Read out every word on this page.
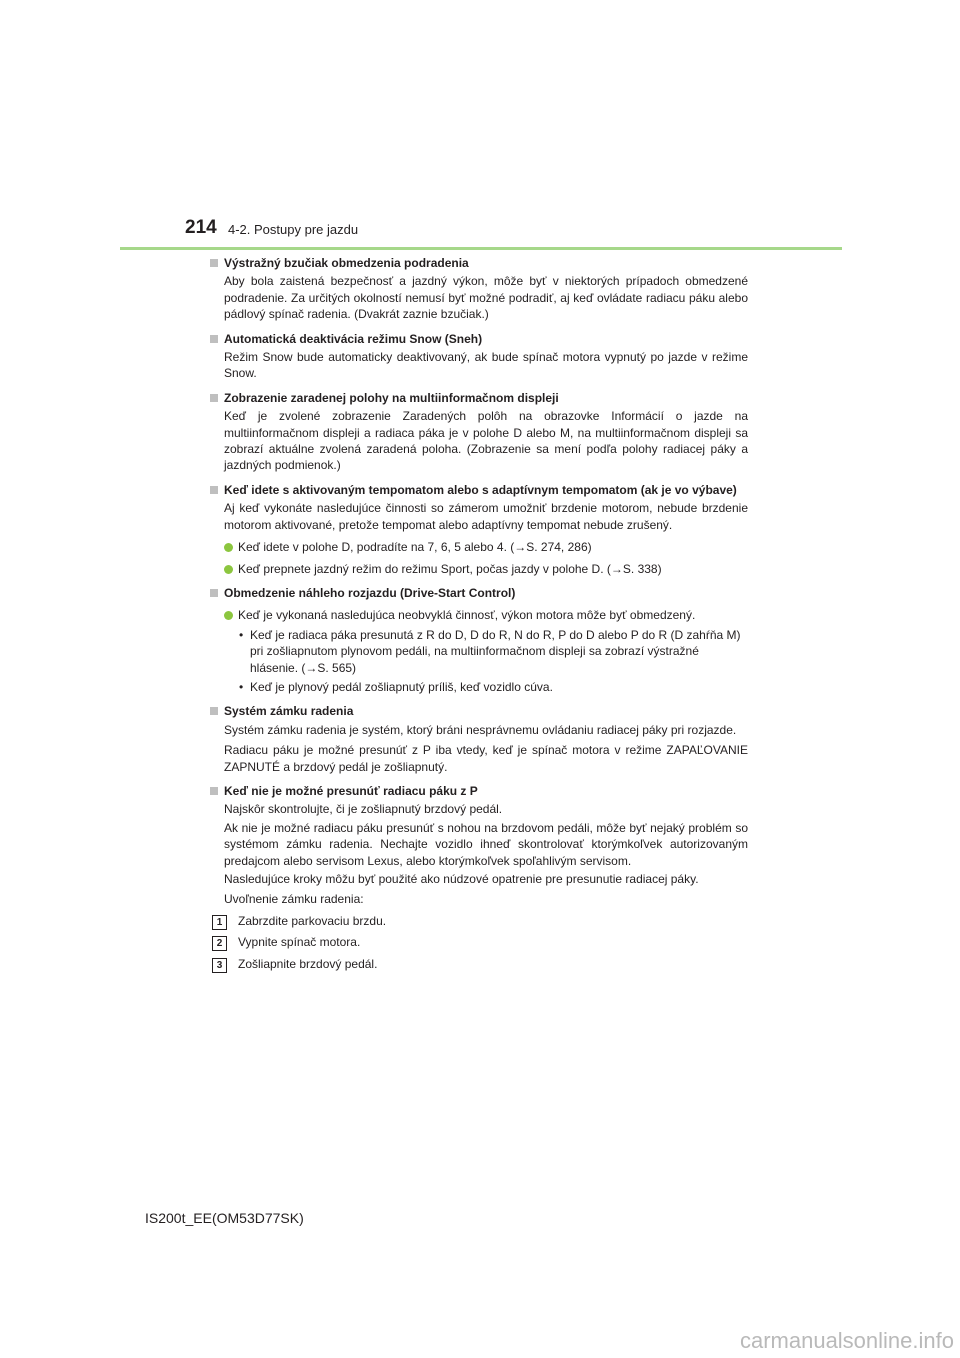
214 4-2. Postupy pre jazdu
Výstražný bzučiak obmedzenia podradenia
Aby bola zaistená bezpečnosť a jazdný výkon, môže byť v niektorých prípadoch obmedzené podradenie. Za určitých okolností nemusí byť možné podradiť, aj keď ovládate radiacu páku alebo pádlový spínač radenia. (Dvakrát zaznie bzučiak.)
Automatická deaktivácia režimu Snow (Sneh)
Režim Snow bude automaticky deaktivovaný, ak bude spínač motora vypnutý po jazde v režime Snow.
Zobrazenie zaradenej polohy na multiinformačnom displeji
Keď je zvolené zobrazenie Zaradených polôh na obrazovke Informácií o jazde na multiinformačnom displeji a radiaca páka je v polohe D alebo M, na multiinformačnom displeji sa zobrazí aktuálne zvolená zaradená poloha. (Zobrazenie sa mení podľa polohy radiacej páky a jazdných podmienok.)
Keď idete s aktivovaným tempomatom alebo s adaptívnym tempomatom (ak je vo výbave)
Aj keď vykonáte nasledujúce činnosti so zámerom umožniť brzdenie motorom, nebude brzdenie motorom aktivované, pretože tempomat alebo adaptívny tempomat nebude zrušený.
Keď idete v polohe D, podradíte na 7, 6, 5 alebo 4. (→S. 274, 286)
Keď prepnete jazdný režim do režimu Sport, počas jazdy v polohe D. (→S. 338)
Obmedzenie náhleho rozjazdu (Drive-Start Control)
Keď je vykonaná nasledujúca neobvyklá činnosť, výkon motora môže byť obmedzený.
• Keď je radiaca páka presunutá z R do D, D do R, N do R, P do D alebo P do R (D zahŕňa M) pri zošliapnutom plynovom pedáli, na multiinformačnom displeji sa zobrazí výstražné hlásenie. (→S. 565)
• Keď je plynový pedál zošliapnutý príliš, keď vozidlo cúva.
Systém zámku radenia
Systém zámku radenia je systém, ktorý bráni nesprávnemu ovládaniu radiacej páky pri rozjazde.
Radiacu páku je možné presunúť z P iba vtedy, keď je spínač motora v režime ZAPAĽOVANIE ZAPNUTÉ a brzdový pedál je zošliapnutý.
Keď nie je možné presunúť radiacu páku z P
Najskôr skontrolujte, či je zošliapnutý brzdový pedál.
Ak nie je možné radiacu páku presunúť s nohou na brzdovom pedáli, môže byť nejaký problém so systémom zámku radenia. Nechajte vozidlo ihneď skontrolovať ktorýmkoľvek autorizovaným predajcom alebo servisom Lexus, alebo ktorýmkoľvek spoľahlivým servisom.
Nasledujúce kroky môžu byť použité ako núdzové opatrenie pre presunutie radiacej páky.
Uvoľnenie zámku radenia:
1	Zabrzdite parkovaciu brzdu.
2	Vypnite spínač motora.
3	Zošliapnite brzdový pedál.
IS200t_EE(OM53D77SK)
carmanualsonline.info
